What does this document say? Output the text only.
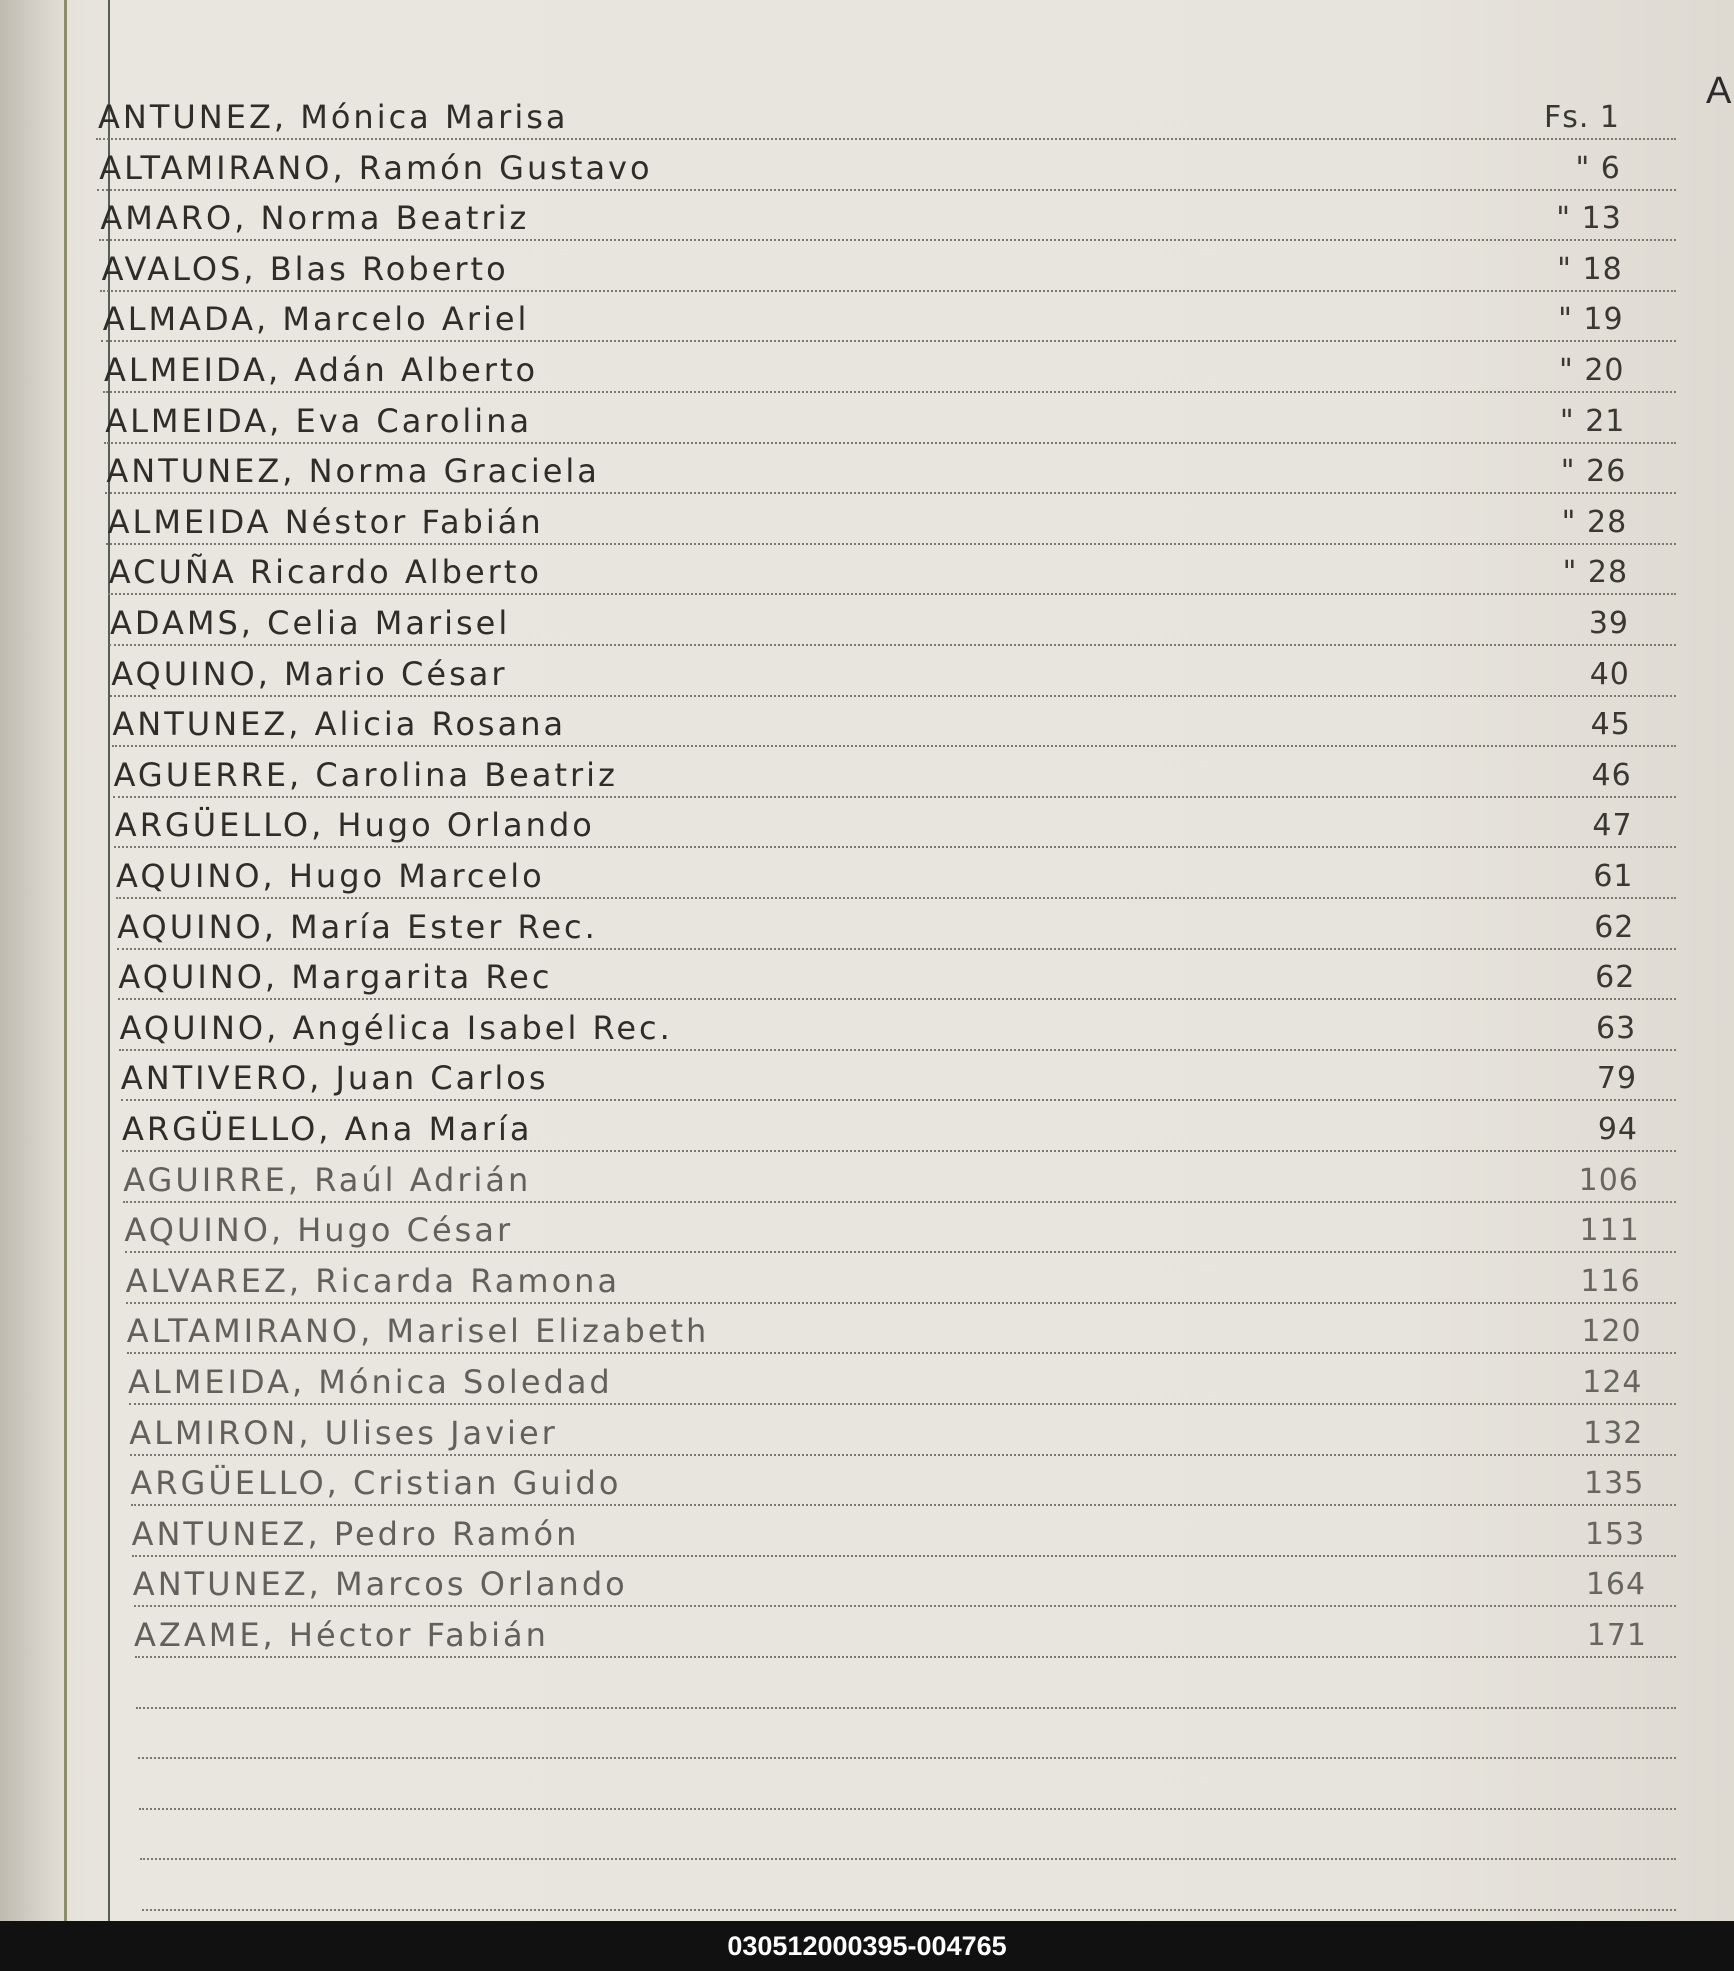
A
ANTUNEZ, Mónica Marisa	Fs. 1
ALTAMIRANO, Ramón Gustavo	" 6
AMARO, Norma Beatriz	" 13
AVALOS, Blas Roberto	" 18
ALMADA, Marcelo Ariel	" 19
ALMEIDA, Adán Alberto	" 20
ALMEIDA, Eva Carolina	" 21
ANTUNEZ, Norma Graciela	" 26
ALMEIDA Néstor Fabián	" 28
ACUÑA Ricardo Alberto	" 28
ADAMS, Celia Marisel	39
AQUINO, Mario César	40
ANTUNEZ, Alicia Rosana	45
AGUERRE, Carolina Beatriz	46
ARGÜELLO, Hugo Orlando	47
AQUINO, Hugo Marcelo	61
AQUINO, María Ester Rec.	62
AQUINO, Margarita Rec	62
AQUINO, Angélica Isabel Rec.	63
ANTIVERO, Juan Carlos	79
ARGÜELLO, Ana María	94
AGUIRRE, Raúl Adrián	106
AQUINO, Hugo César	111
ALVAREZ, Ricarda Ramona	116
ALTAMIRANO, Marisel Elizabeth	120
ALMEIDA, Mónica Soledad	124
ALMIRON, Ulises Javier	132
ARGÜELLO, Cristian Guido	135
ANTUNEZ, Pedro Ramón	153
ANTUNEZ, Marcos Orlando	164
AZAME, Héctor Fabián	171
030512000395-004765
